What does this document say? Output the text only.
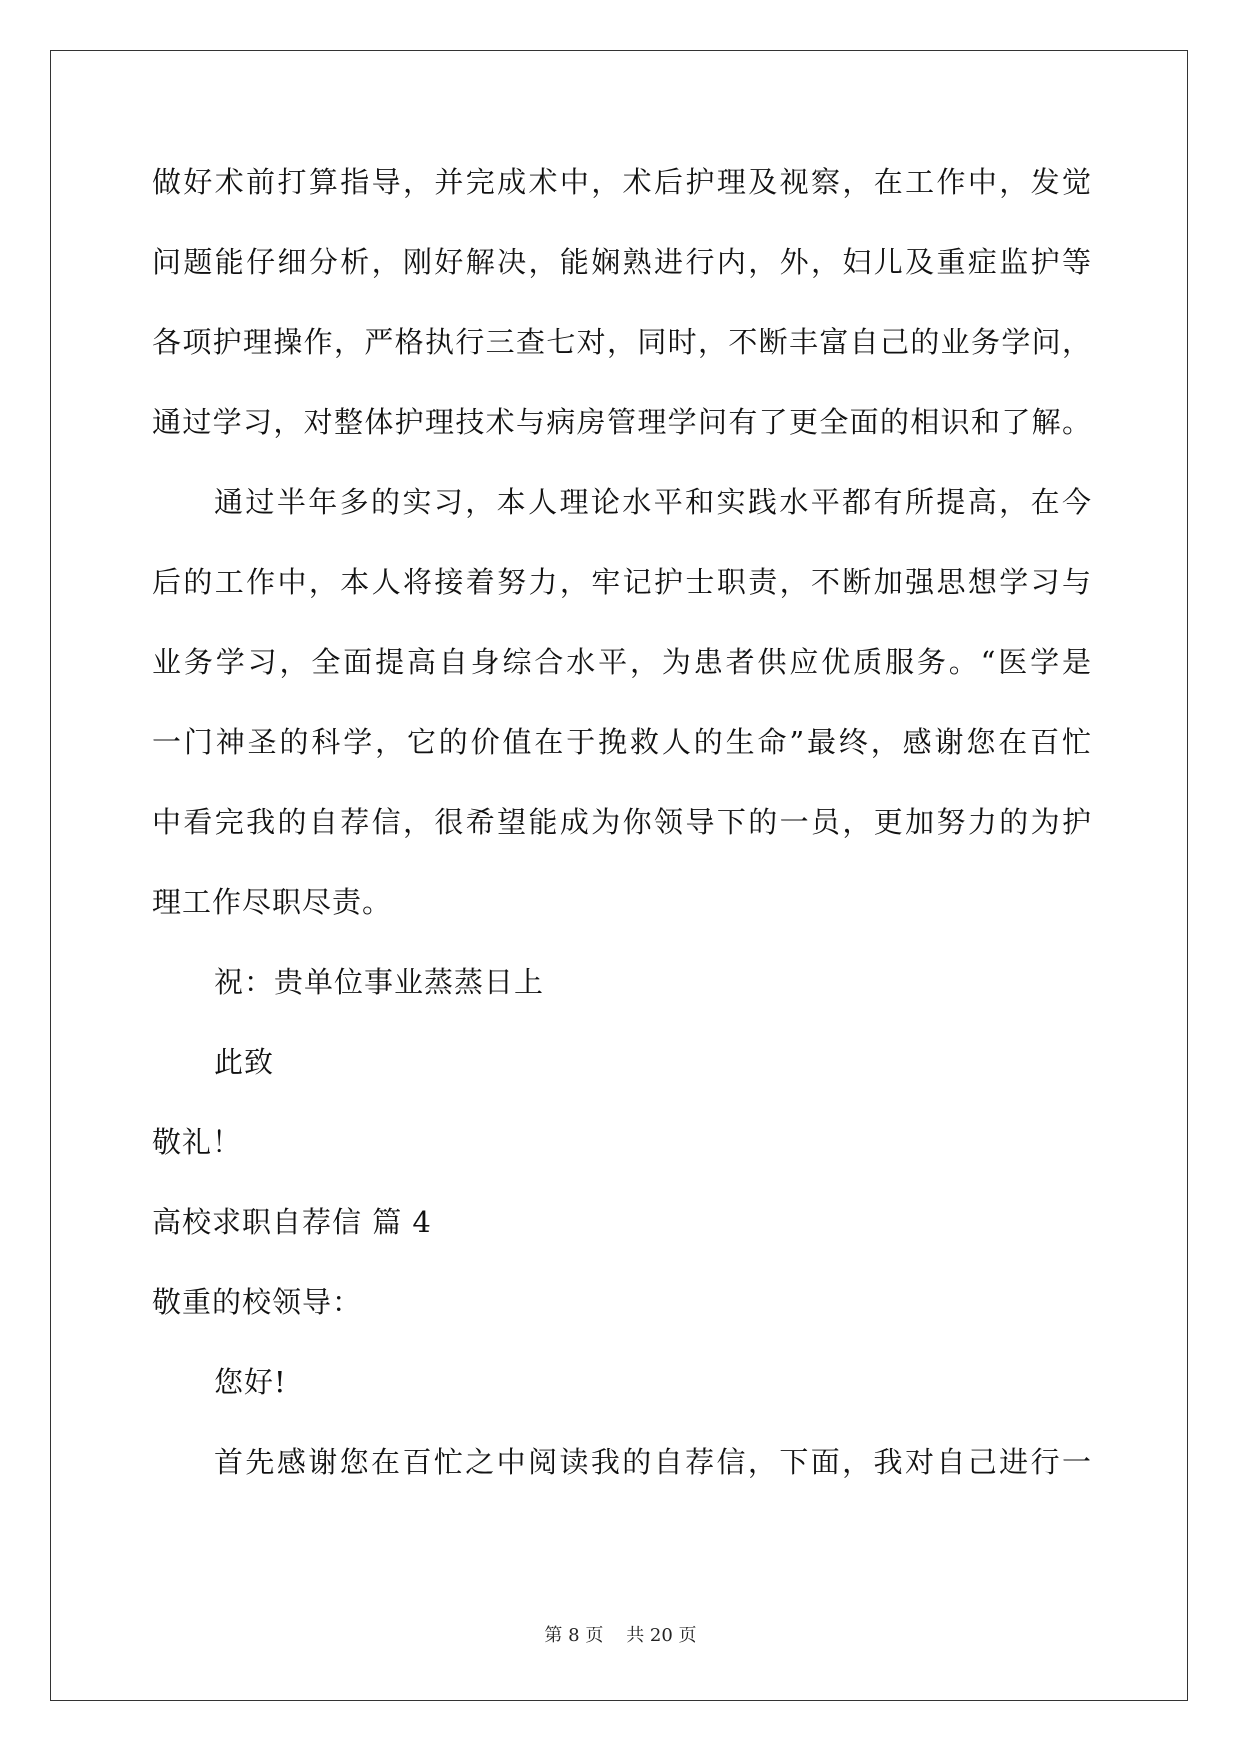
做好术前打算指导，并完成术中，术后护理及视察，在工作中，发觉
问题能仔细分析，刚好解决，能娴熟进行内，外，妇儿及重症监护等
各项护理操作，严格执行三查七对，同时，不断丰富自己的业务学问，
通过学习，对整体护理技术与病房管理学问有了更全面的相识和了解。
通过半年多的实习，本人理论水平和实践水平都有所提高，在今
后的工作中，本人将接着努力，牢记护士职责，不断加强思想学习与
业务学习，全面提高自身综合水平，为患者供应优质服务。“医学是
一门神圣的科学，它的价值在于挽救人的生命”最终，感谢您在百忙
中看完我的自荐信，很希望能成为你领导下的一员，更加努力的为护
理工作尽职尽责。
祝：贵单位事业蒸蒸日上
此致
敬礼！
高校求职自荐信 篇 4
敬重的校领导：
您好!
首先感谢您在百忙之中阅读我的自荐信，下面，我对自己进行一
第 8 页    共 20 页
